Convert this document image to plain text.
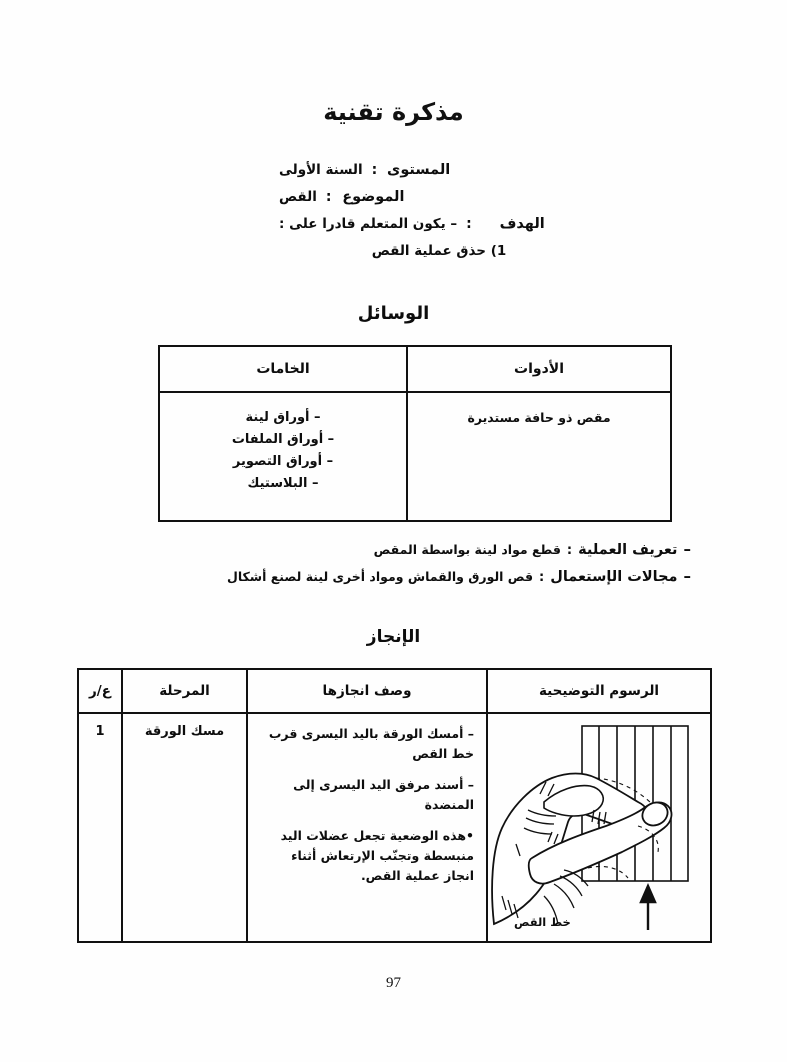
مذكرة تقنية
المستوى
:
السنة الأولى
الموضوع
:
القص
الهدف
:
– يكون المتعلم قادرا على :
1) حذق عملية القص
الوسائل
الأدوات
مقص ذو حافة مستديرة
الخامات
– أوراق لينة
– أوراق الملفات
– أوراق التصوير
– البلاستيك
–
تعريف العملية
:
قطع مواد لينة بواسطة المقص
–
مجالات الإستعمال
:
قص الورق والقماش ومواد أخرى لينة لصنع أشكال
الإنجاز
الرسوم التوضيحية
وصف انجازها
المرحلة
ع/ر
خط القص
– أمسك الورقة باليد اليسرى قرب خط القص
– أسند مرفق اليد اليسرى إلى المنضدة
•هذه الوضعية تجعل عضلات اليد منبسطة وتجنّب الإرتعاش أثناء انجاز عملية القص.
مسك الورقة
1
97
